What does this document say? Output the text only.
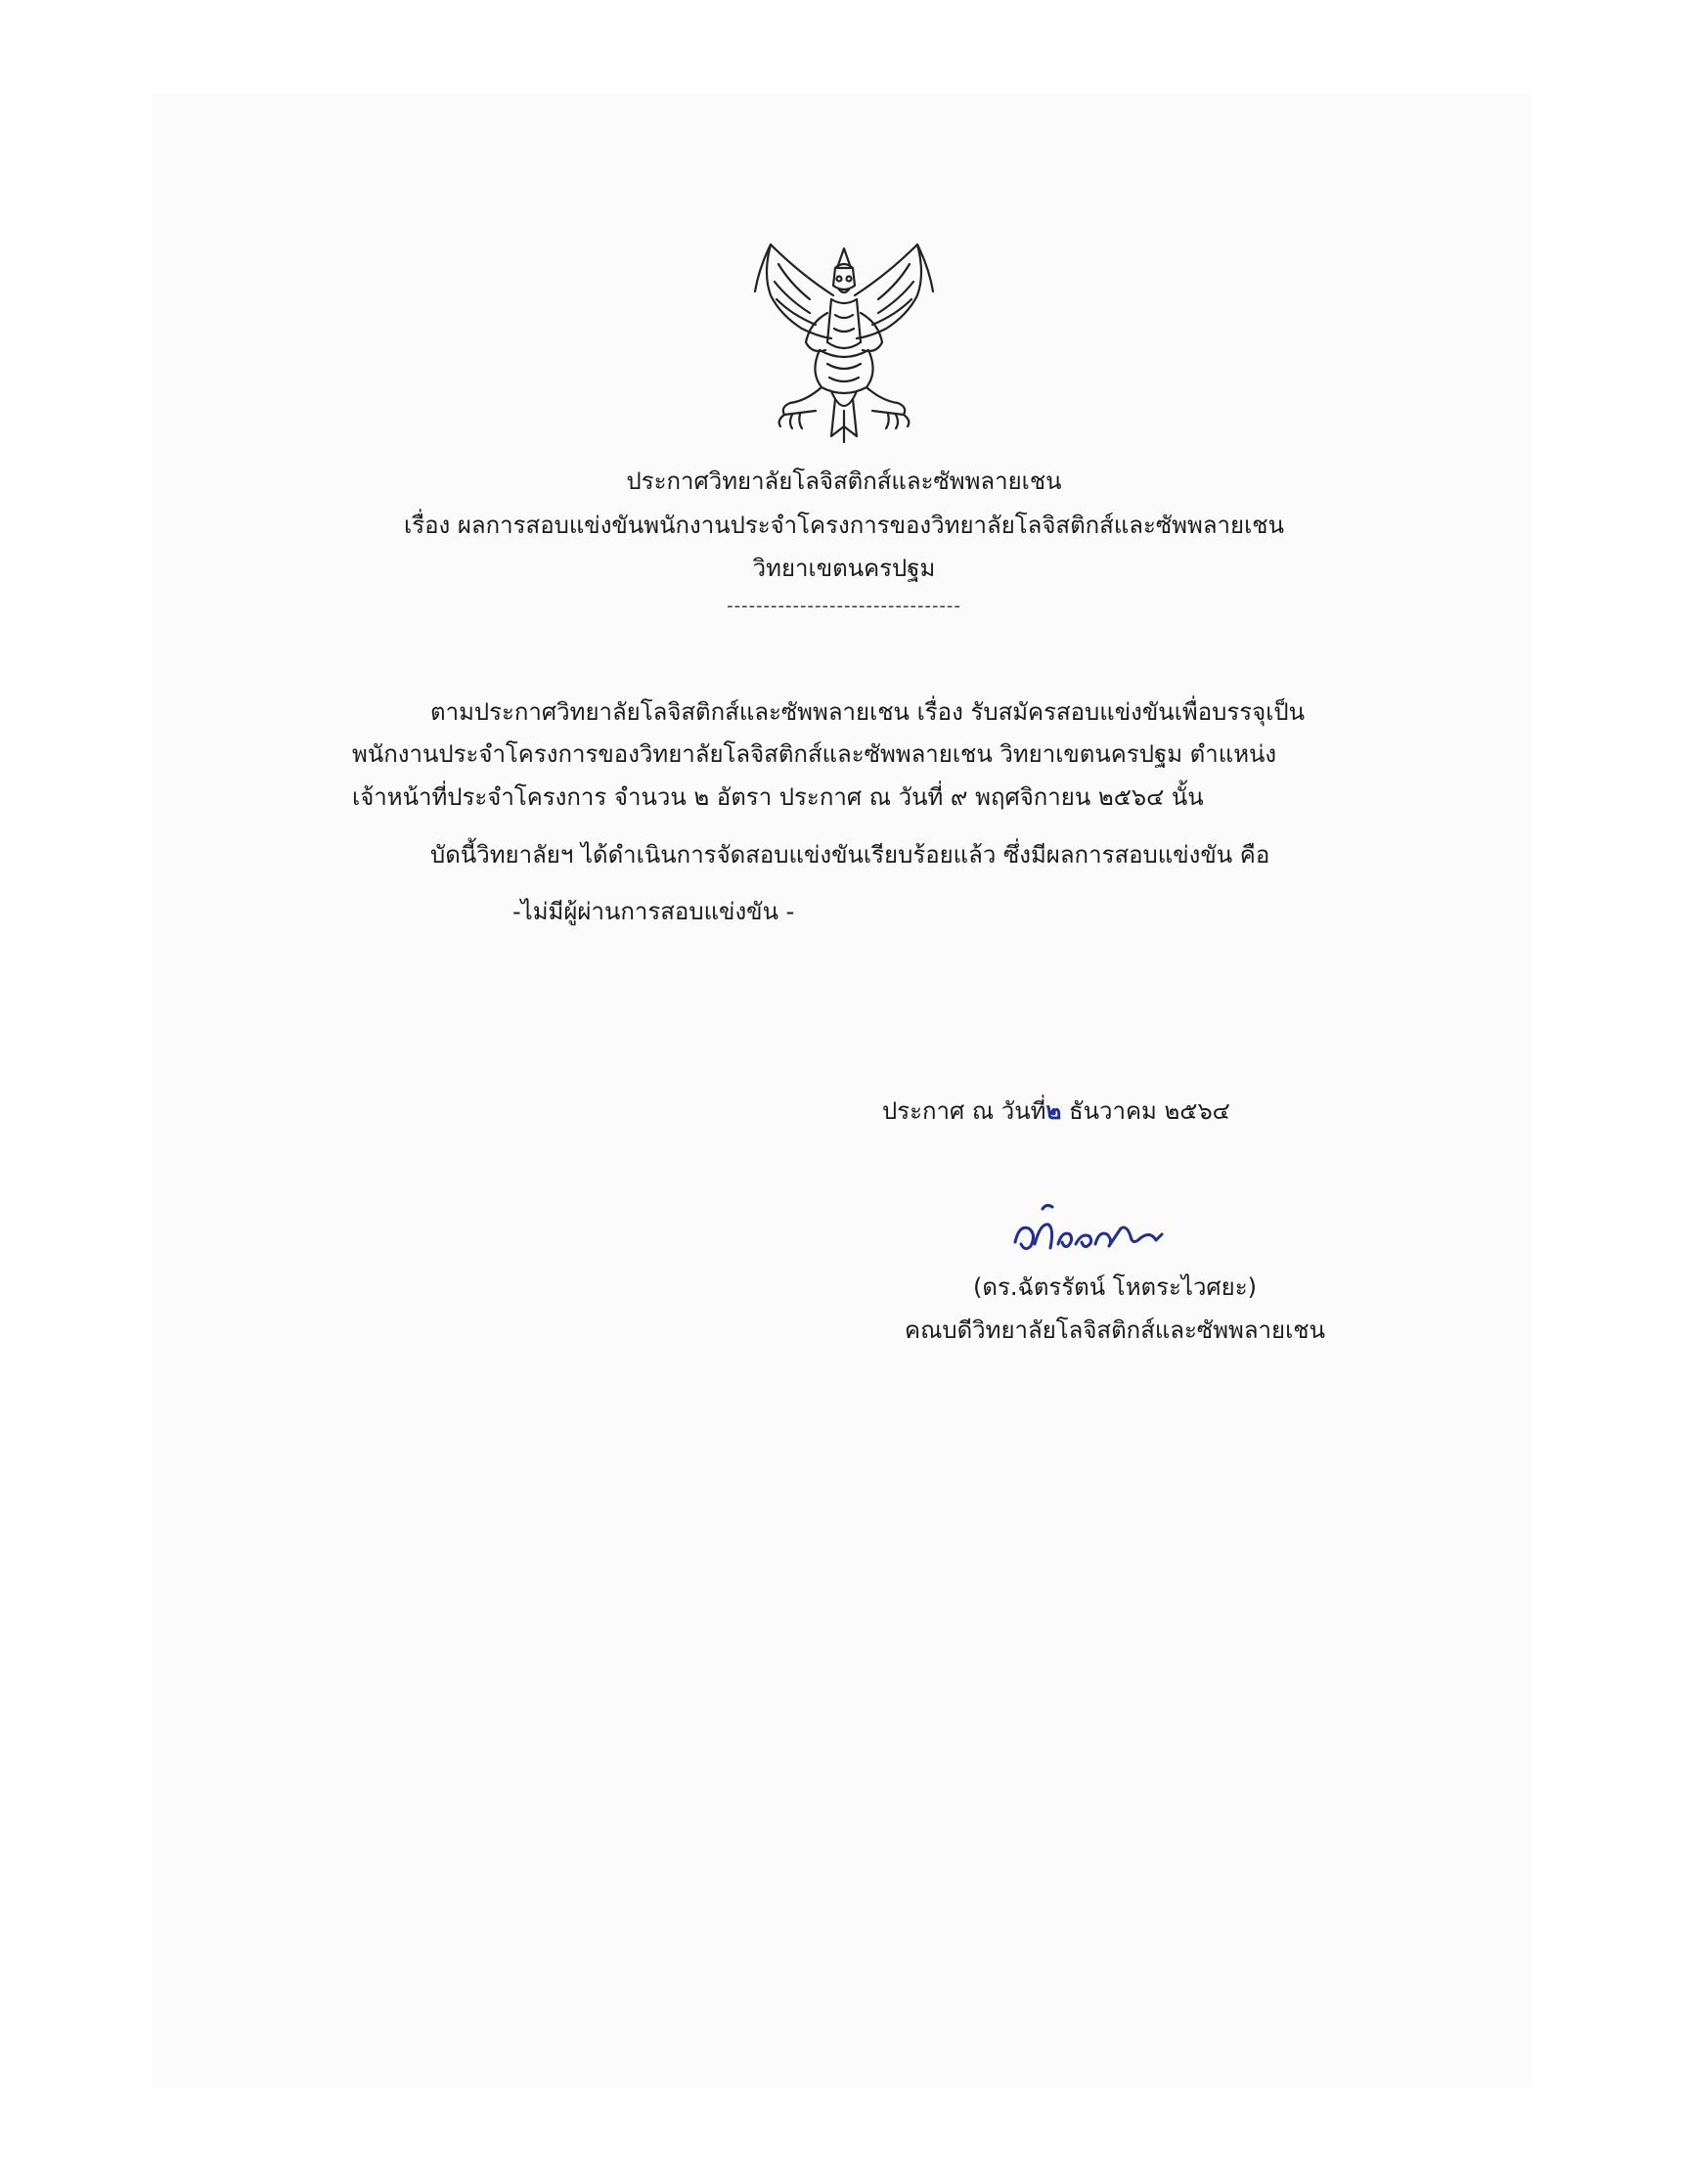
ประกาศวิทยาลัยโลจิสติกส์และซัพพลายเชน
เรื่อง ผลการสอบแข่งขันพนักงานประจำโครงการของวิทยาลัยโลจิสติกส์และซัพพลายเชน
วิทยาเขตนครปฐม
--------------------------------
ตามประกาศวิทยาลัยโลจิสติกส์และซัพพลายเชน เรื่อง รับสมัครสอบแข่งขันเพื่อบรรจุเป็น
พนักงานประจำโครงการของวิทยาลัยโลจิสติกส์และซัพพลายเชน วิทยาเขตนครปฐม ตำแหน่ง
เจ้าหน้าที่ประจำโครงการ จำนวน ๒ อัตรา ประกาศ ณ วันที่ ๙ พฤศจิกายน ๒๕๖๔ นั้น
บัดนี้วิทยาลัยฯ ได้ดำเนินการจัดสอบแข่งขันเรียบร้อยแล้ว ซึ่งมีผลการสอบแข่งขัน คือ
-ไม่มีผู้ผ่านการสอบแข่งขัน -
ประกาศ ณ วันที่๒ ธันวาคม ๒๕๖๔
(ดร.ฉัตรรัตน์ โหตระไวศยะ)
คณบดีวิทยาลัยโลจิสติกส์และซัพพลายเชน
